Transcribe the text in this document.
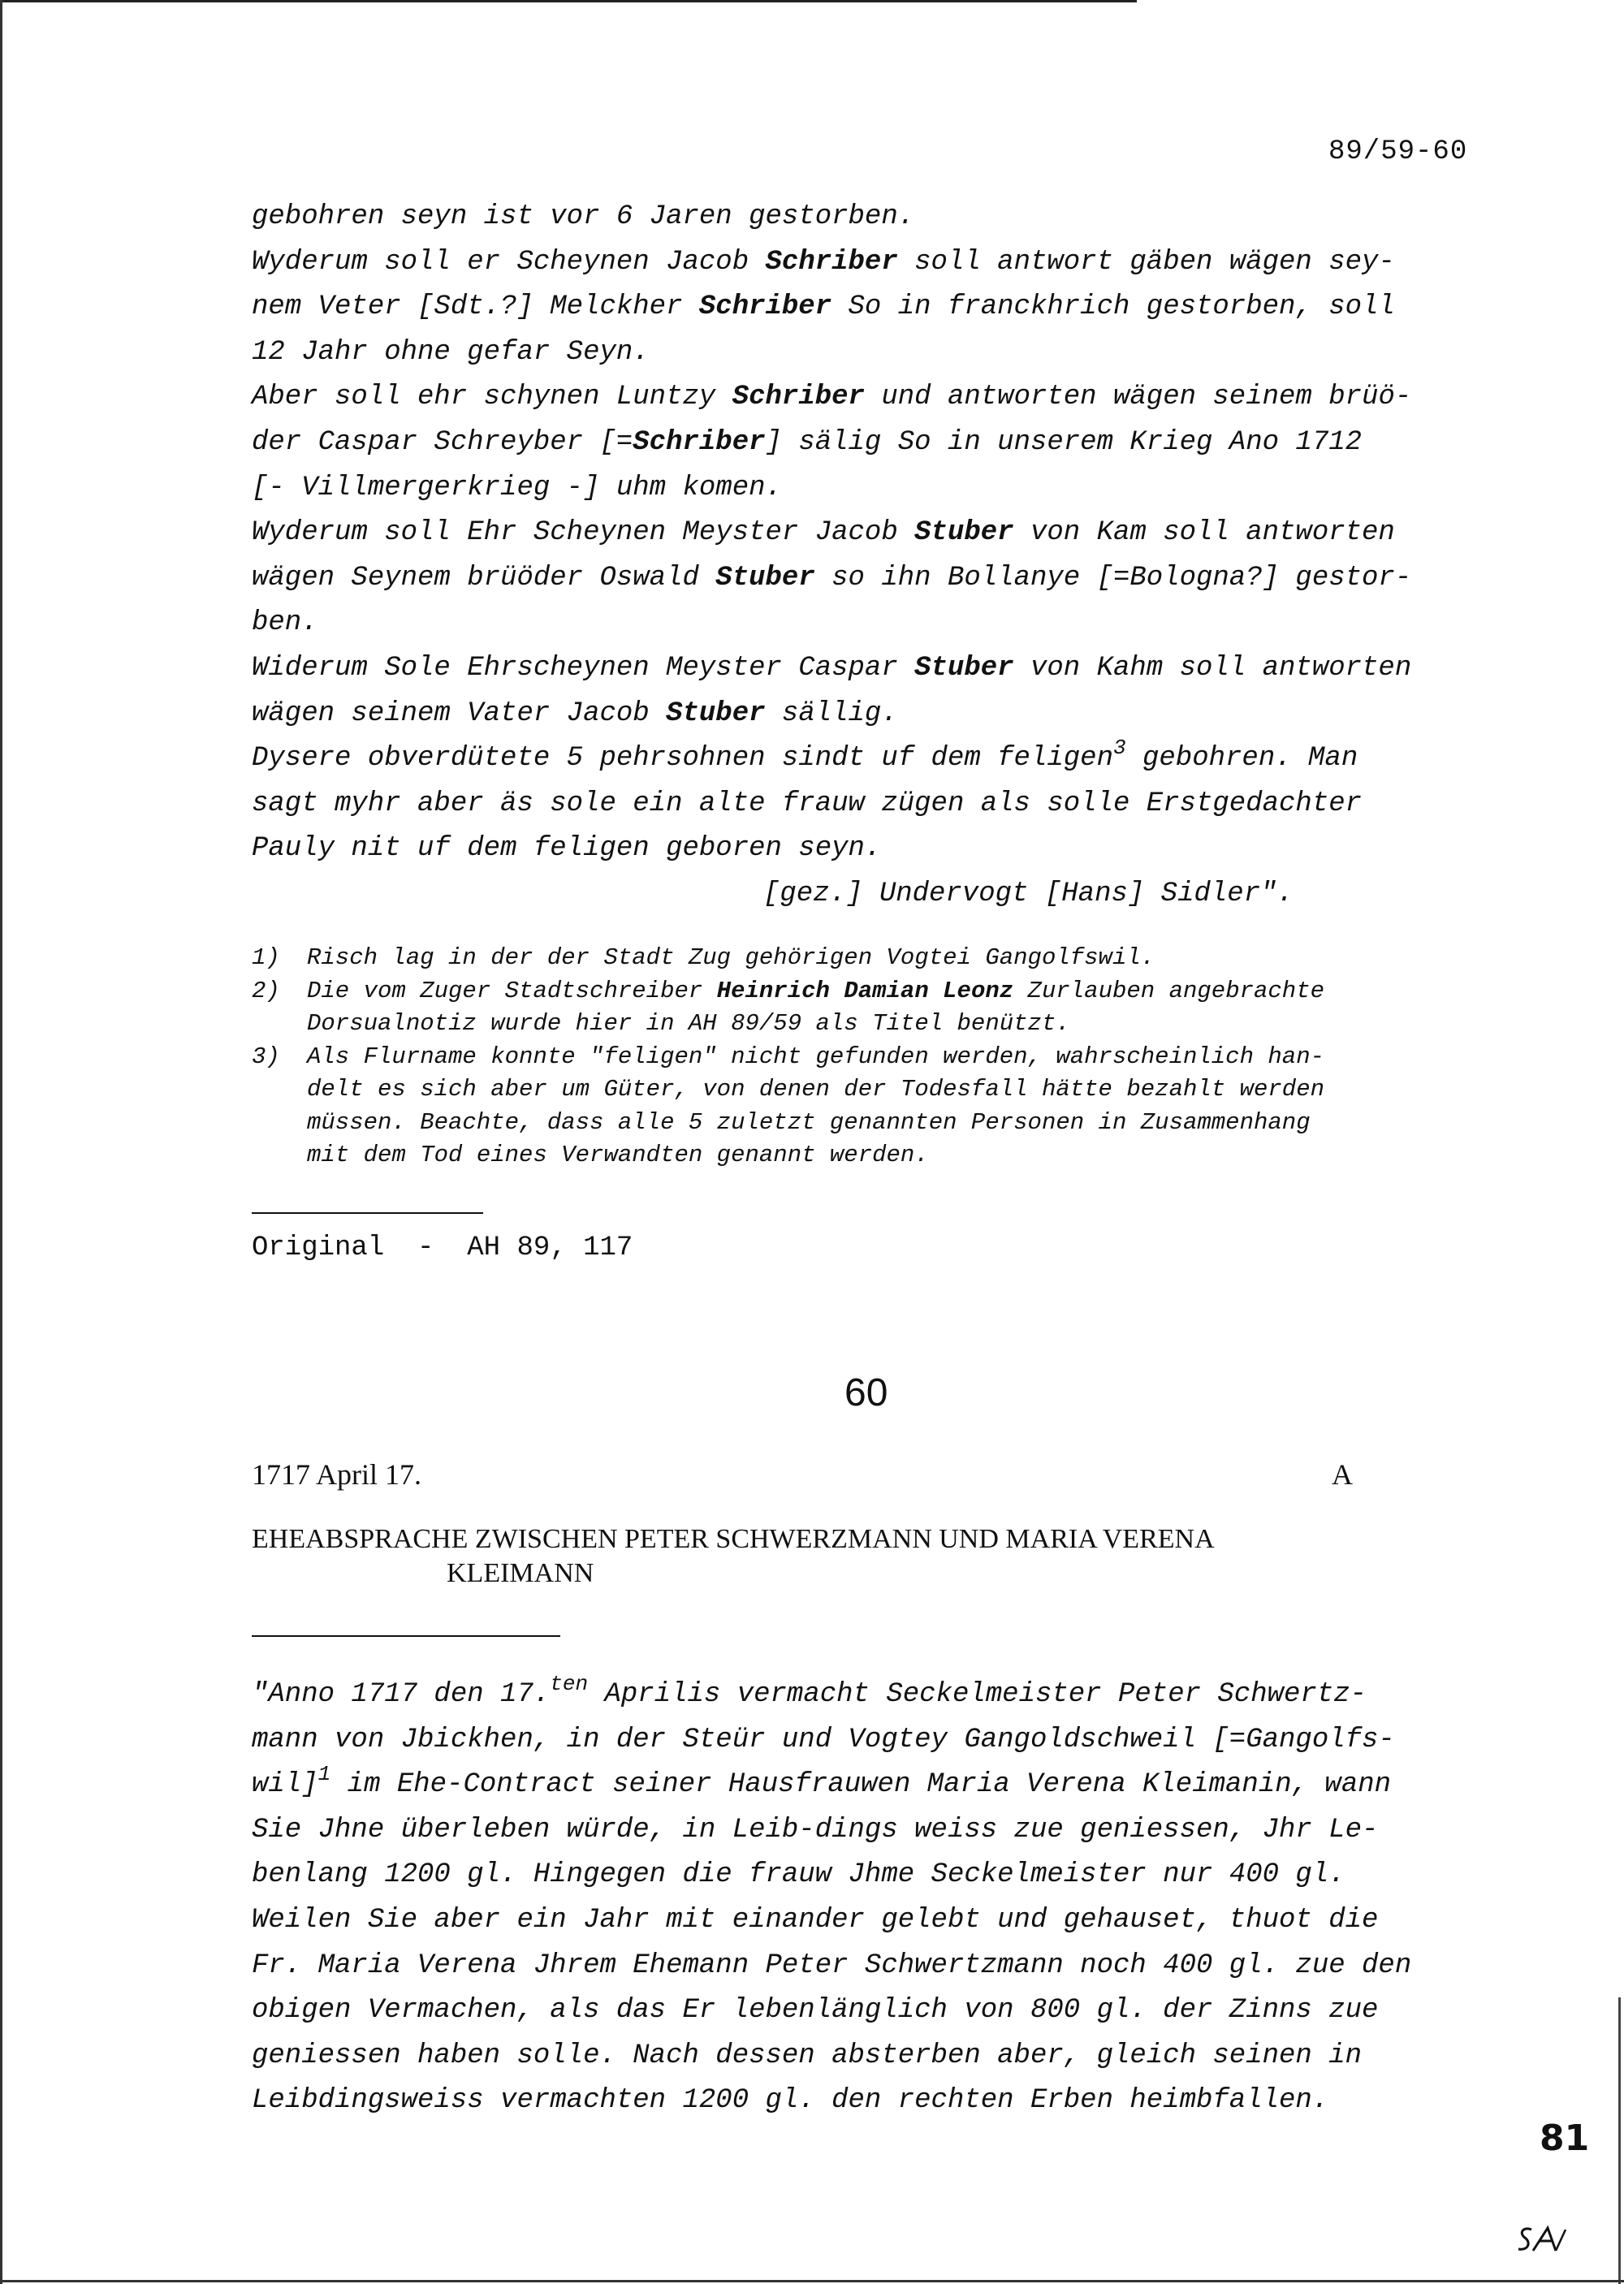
89/59-60
gebohren seyn ist vor 6 Jaren gestorben.
Wyderum soll er Scheynen Jacob Schriber soll antwort gäben wägen sey-
nem Veter [Sdt.?] Melckher Schriber So in franckhrich gestorben, soll
12 Jahr ohne gefar Seyn.
Aber soll ehr schynen Luntzy Schriber und antworten wägen seinem brüö-
der Caspar Schreyber [=Schriber] sälig So in unserem Krieg Ano 1712
[- Villmergerkrieg -] uhm komen.
Wyderum soll Ehr Scheynen Meyster Jacob Stuber von Kam soll antworten
wägen Seynem brüöder Oswald Stuber so ihn Bollanye [=Bologna?] gestor-
ben.
Widerum Sole Ehrscheynen Meyster Caspar Stuber von Kahm soll antworten
wägen seinem Vater Jacob Stuber sällig.
Dysere obverdütete 5 pehrsohnen sindt uf dem feligen$^3$ gebohren. Man
sagt myhr aber äs sole ein alte frauw zügen als solle Erstgedachter
Pauly nit uf dem feligen geboren seyn.
[gez.] Undervogt [Hans] Sidler".
1)	Risch lag in der der Stadt Zug gehörigen Vogtei Gangolfswil.
2)	Die vom Zuger Stadtschreiber Heinrich Damian Leonz Zurlauben angebrachte
Dorsualnotiz wurde hier in AH 89/59 als Titel benützt.
3)	Als Flurname konnte "feligen" nicht gefunden werden, wahrscheinlich han-
delt es sich aber um Güter, von denen der Todesfall hätte bezahlt werden
müssen. Beachte, dass alle 5 zuletzt genannten Personen in Zusammenhang
mit dem Tod eines Verwandten genannt werden.
Original  -  AH 89, 117
60
1717 April 17.	A
EHEABSPRACHE ZWISCHEN PETER SCHWERZMANN UND MARIA VERENA
KLEIMANN
"Anno 1717 den 17.$^{ten}$ Aprilis vermacht Seckelmeister Peter Schwertz-
mann von Jbickhen, in der Steür und Vogtey Gangoldschweil [=Gangolfs-
wil]$^1$ im Ehe-Contract seiner Hausfrauwen Maria Verena Kleimanin, wann
Sie Jhne überleben würde, in Leib-dings weiss zue geniessen, Jhr Le-
benlang 1200 gl. Hingegen die frauw Jhme Seckelmeister nur 400 gl.
Weilen Sie aber ein Jahr mit einander gelebt und gehauset, thuot die
Fr. Maria Verena Jhrem Ehemann Peter Schwertzmann noch 400 gl. zue den
obigen Vermachen, als das Er lebenlänglich von 800 gl. der Zinns zue
geniessen haben solle. Nach dessen absterben aber, gleich seinen in
Leibdingsweiss vermachten 1200 gl. den rechten Erben heimbfallen.
81
